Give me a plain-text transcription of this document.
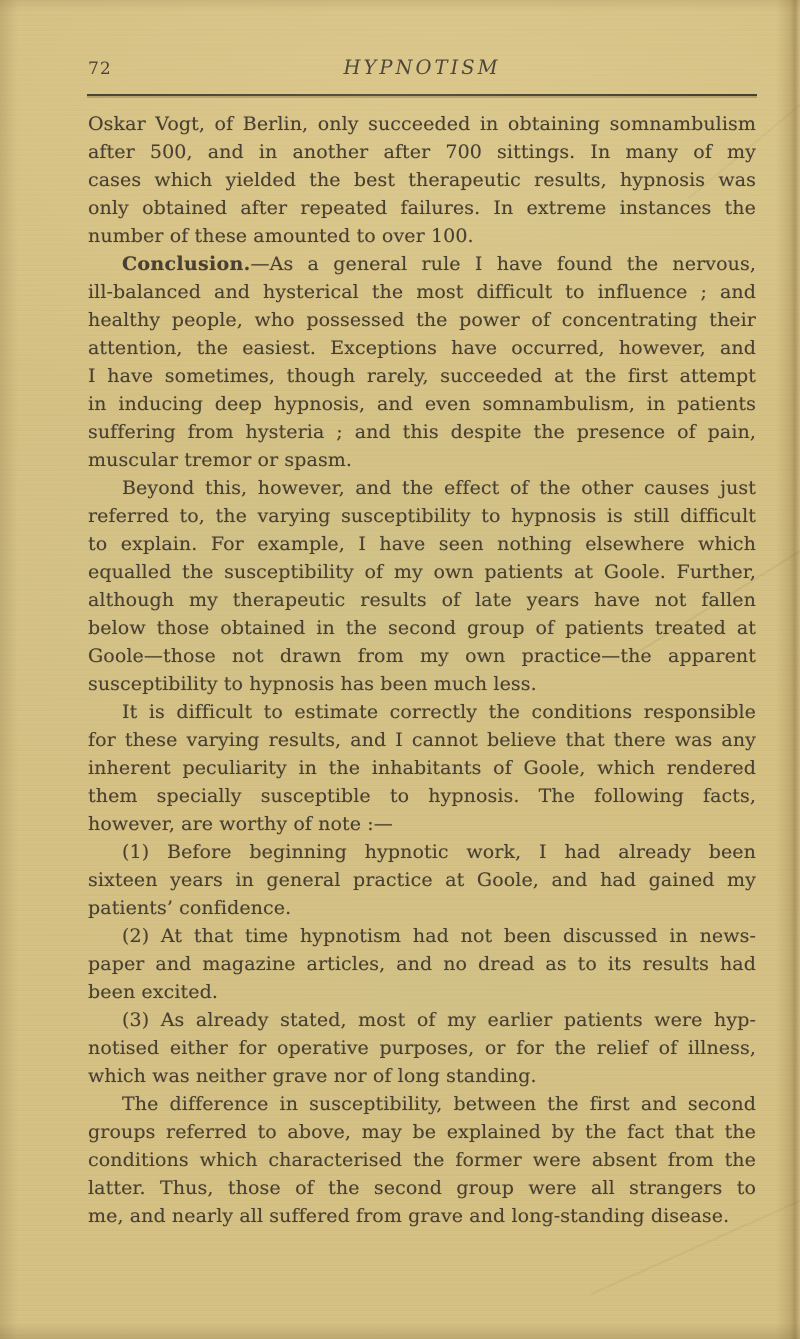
72	HYPNOTISM
Oskar Vogt, of Berlin, only succeeded in obtaining somnambulism
after 500, and in another after 700 sittings. In many of my
cases which yielded the best therapeutic results, hypnosis was
only obtained after repeated failures. In extreme instances the
number of these amounted to over 100.
Conclusion.—As a general rule I have found the nervous,
ill-balanced and hysterical the most difficult to influence ; and
healthy people, who possessed the power of concentrating their
attention, the easiest. Exceptions have occurred, however, and
I have sometimes, though rarely, succeeded at the first attempt
in inducing deep hypnosis, and even somnambulism, in patients
suffering from hysteria ; and this despite the presence of pain,
muscular tremor or spasm.
Beyond this, however, and the effect of the other causes just
referred to, the varying susceptibility to hypnosis is still difficult
to explain. For example, I have seen nothing elsewhere which
equalled the susceptibility of my own patients at Goole. Further,
although my therapeutic results of late years have not fallen
below those obtained in the second group of patients treated at
Goole—those not drawn from my own practice—the apparent
susceptibility to hypnosis has been much less.
It is difficult to estimate correctly the conditions responsible
for these varying results, and I cannot believe that there was any
inherent peculiarity in the inhabitants of Goole, which rendered
them specially susceptible to hypnosis. The following facts,
however, are worthy of note :—
(1) Before beginning hypnotic work, I had already been
sixteen years in general practice at Goole, and had gained my
patients’ confidence.
(2) At that time hypnotism had not been discussed in news-
paper and magazine articles, and no dread as to its results had
been excited.
(3) As already stated, most of my earlier patients were hyp-
notised either for operative purposes, or for the relief of illness,
which was neither grave nor of long standing.
The difference in susceptibility, between the first and second
groups referred to above, may be explained by the fact that the
conditions which characterised the former were absent from the
latter. Thus, those of the second group were all strangers to
me, and nearly all suffered from grave and long-standing disease.
